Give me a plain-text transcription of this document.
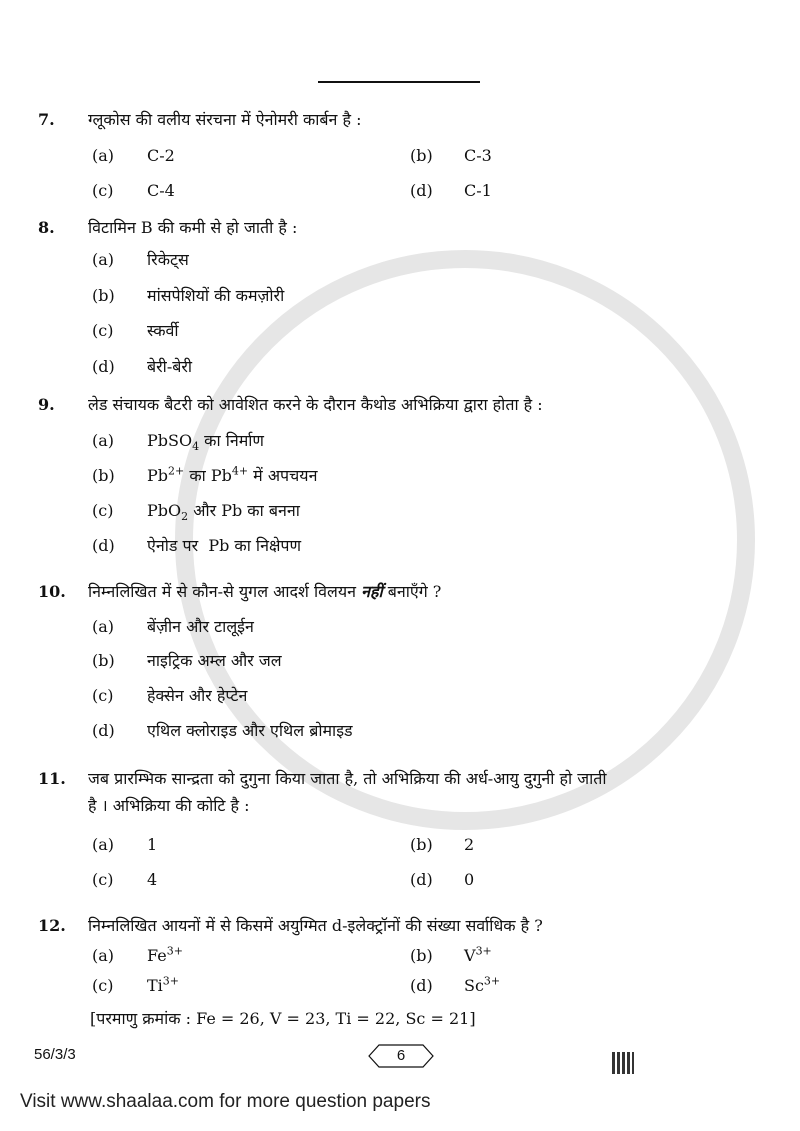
7. ग्लूकोस की वलीय संरचना में ऐनोमरी कार्बन है :
(a) C-2	(b) C-3
(c) C-4	(d) C-1
8. विटामिन B की कमी से हो जाती है :
(a) रिकेट्स
(b) मांसपेशियों की कमज़ोरी
(c) स्कर्वी
(d) बेरी-बेरी
9. लेड संचायक बैटरी को आवेशित करने के दौरान कैथोड अभिक्रिया द्वारा होता है :
(a) PbSO$_4$ का निर्माण
(b) $Pb^{2+}$ का $Pb^{4+}$ में अपचयन
(c) PbO$_2$ और Pb का बनना
(d) ऐनोड पर  Pb का निक्षेपण
10. निम्नलिखित में से कौन-से युगल आदर्श विलयन नहीं बनाएँगे ?
(a) बेंज़ीन और टालूईन
(b) नाइट्रिक अम्ल और जल
(c) हेक्सेन और हेप्टेन
(d) एथिल क्लोराइड और एथिल ब्रोमाइड
11. जब प्रारम्भिक सान्द्रता को दुगुना किया जाता है, तो अभिक्रिया की अर्ध-आयु दुगुनी हो जाती
है । अभिक्रिया की कोटि है :
(a) 1	(b) 2
(c) 4	(d) 0
12. निम्नलिखित आयनों में से किसमें अयुग्मित d-इलेक्ट्रॉनों की संख्या सर्वाधिक है ?
(a) $Fe^{3+}$	(b) $V^{3+}$
(c) $Ti^{3+}$	(d) $Sc^{3+}$
[परमाणु क्रमांक : Fe = 26, V = 23, Ti = 22, Sc = 21]
56/3/3	6
Visit www.shaalaa.com for more question papers
